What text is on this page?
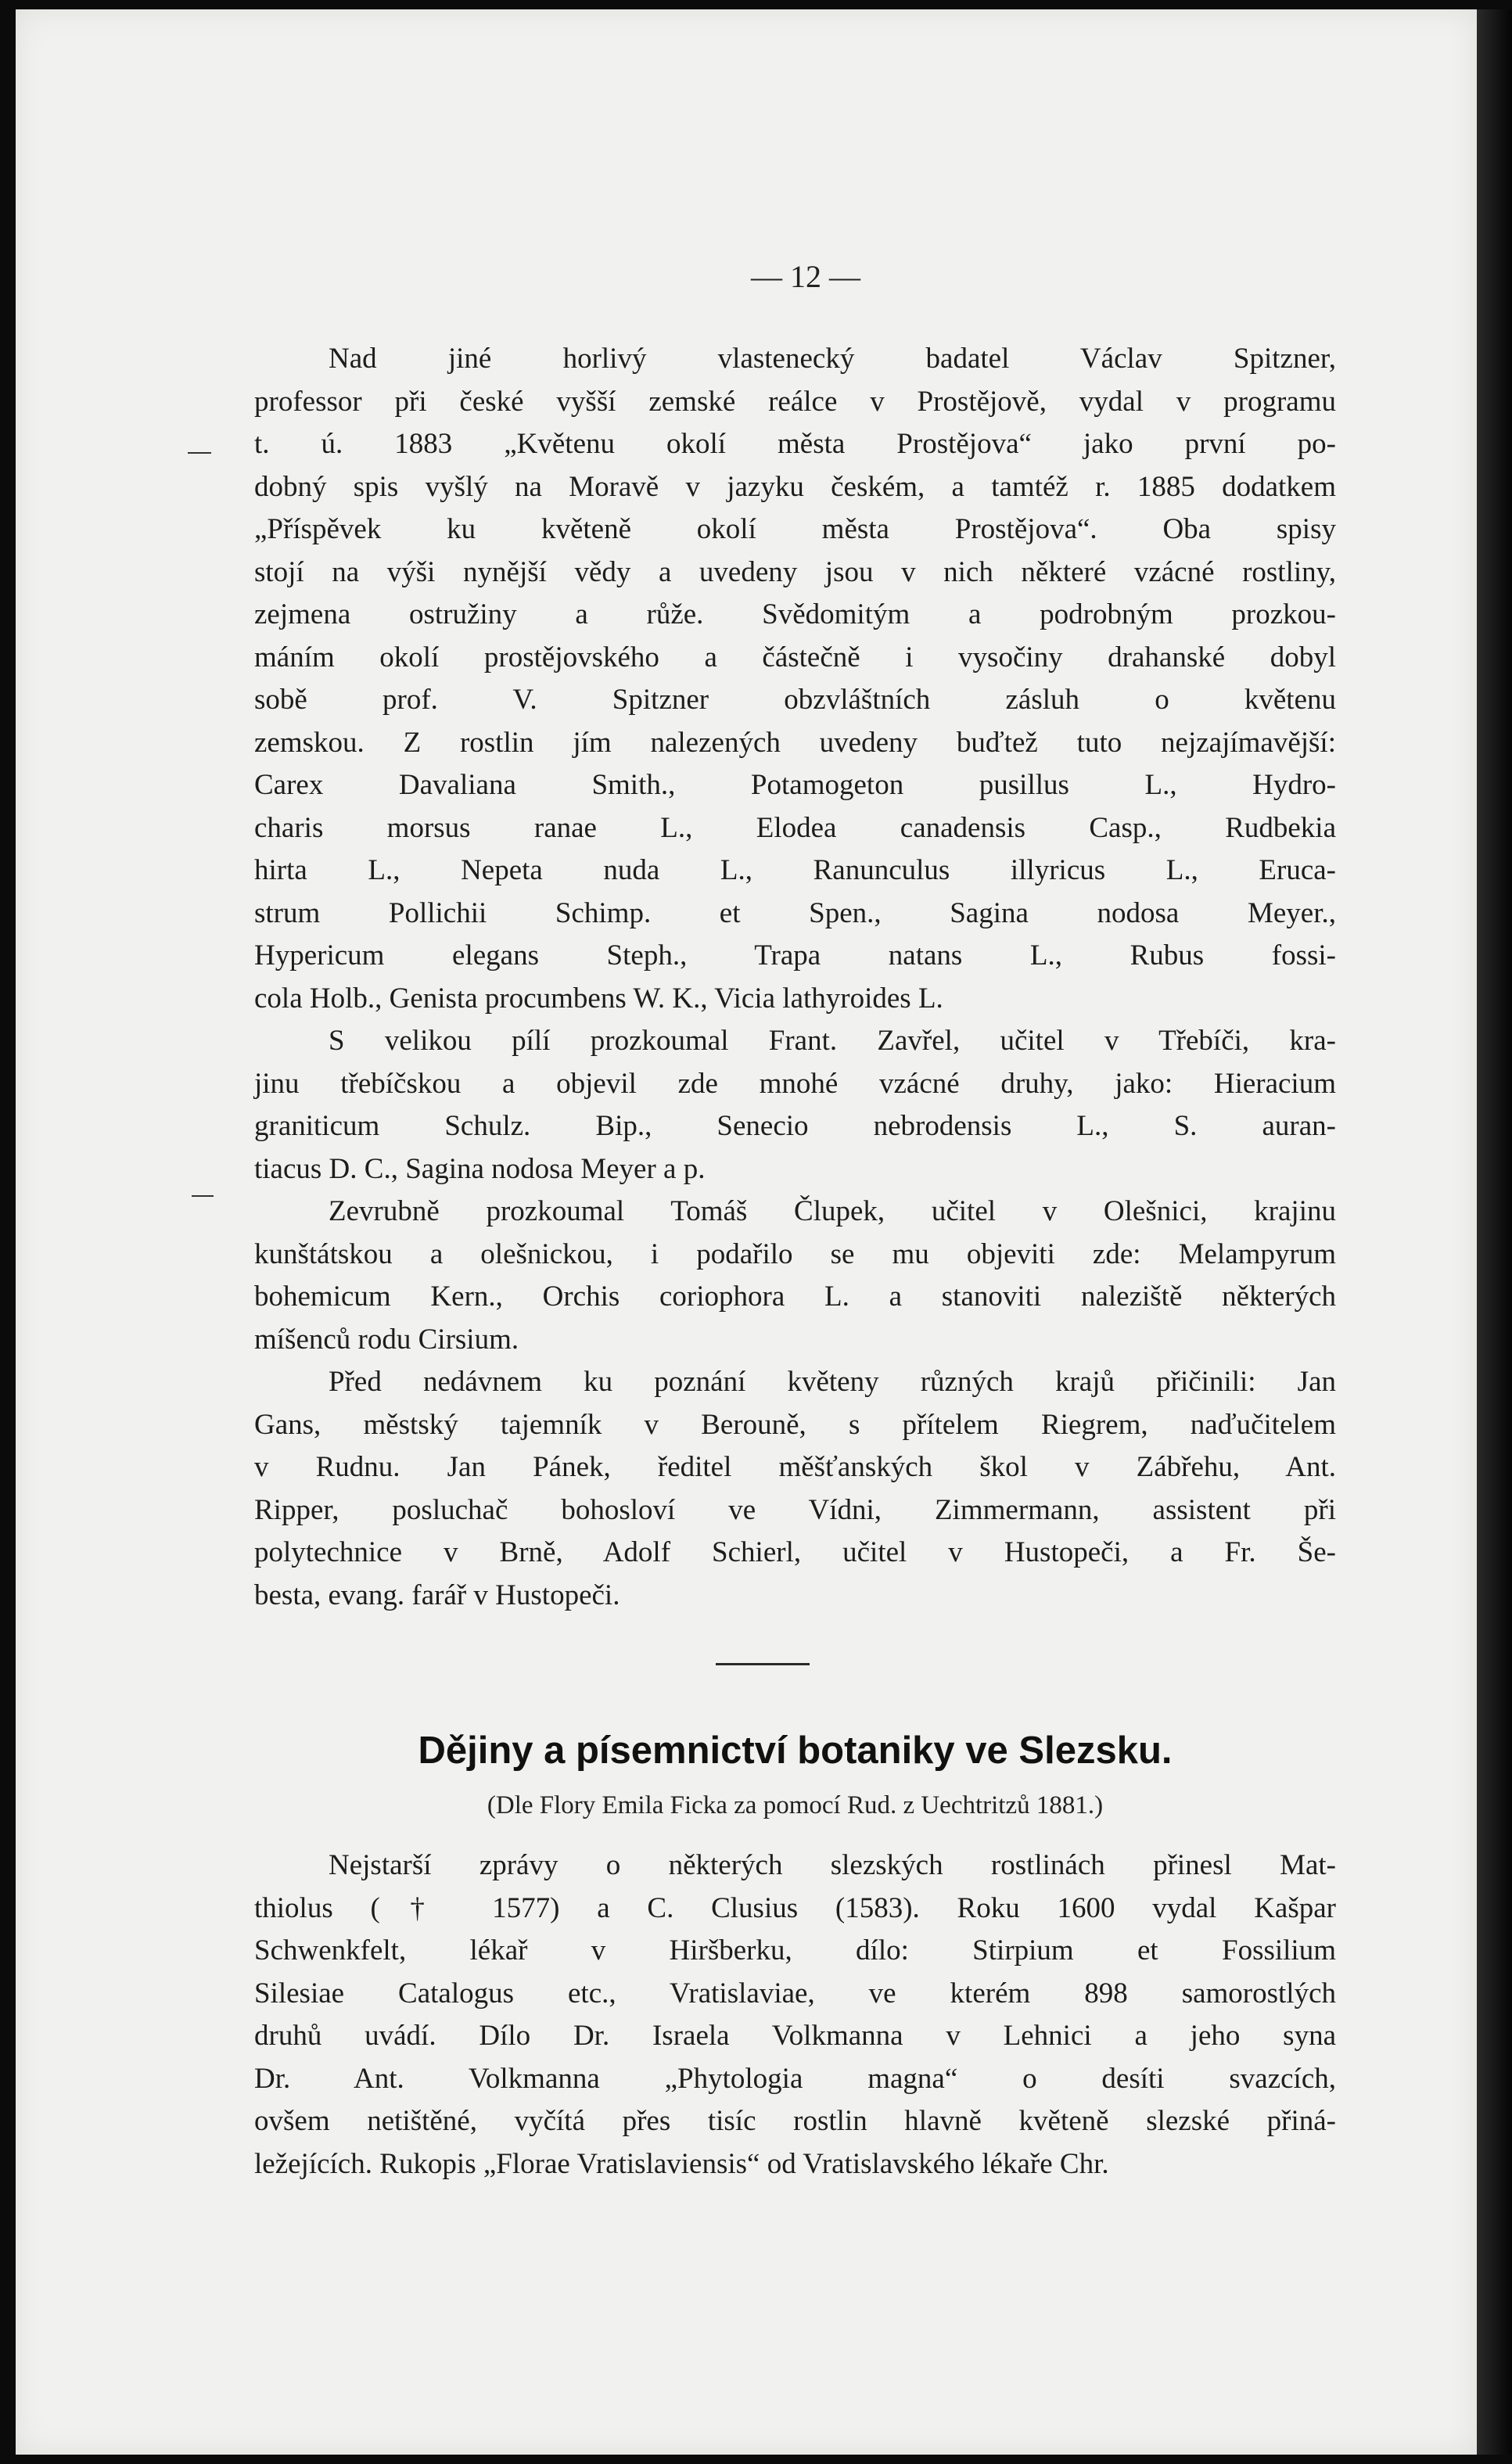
— 12 —

Nad jiné horlivý vlastenecký badatel Václav Spitzner,
professor při české vyšší zemské reálce v Prostějově, vydal v programu
t. ú. 1883 „Květenu okolí města Prostějova“ jako první po-
dobný spis vyšlý na Moravě v jazyku českém, a tamtéž r. 1885 dodatkem
„Příspěvek ku květeně okolí města Prostějova“. Oba spisy
stojí na výši nynější vědy a uvedeny jsou v nich některé vzácné rostliny,
zejmena ostružiny a růže. Svědomitým a podrobným prozkou-
máním okolí prostějovského a částečně i vysočiny drahanské dobyl
sobě prof. V. Spitzner obzvláštních zásluh o květenu
zemskou. Z rostlin jím nalezených uvedeny buďtež tuto nejzajímavější:
Carex Davaliana Smith., Potamogeton pusillus L., Hydro-
charis morsus ranae L., Elodea canadensis Casp., Rudbekia
hirta L., Nepeta nuda L., Ranunculus illyricus L., Eruca-
strum Pollichii Schimp. et Spen., Sagina nodosa Meyer.,
Hypericum elegans Steph., Trapa natans L., Rubus fossi-
cola Holb., Genista procumbens W. K., Vicia lathyroides L.

S velikou pílí prozkoumal Frant. Zavřel, učitel v Třebíči, kra-
jinu třebíčskou a objevil zde mnohé vzácné druhy, jako: Hieracium
graniticum Schulz. Bip., Senecio nebrodensis L., S. auran-
tiacus D. C., Sagina nodosa Meyer a p.

Zevrubně prozkoumal Tomáš Člupek, učitel v Olešnici, krajinu
kunštátskou a olešnickou, i podařilo se mu objeviti zde: Melampyrum
bohemicum Kern., Orchis coriophora L. a stanoviti naleziště některých
míšenců rodu Cirsium.

Před nedávnem ku poznání květeny různých krajů přičinili: Jan
Gans, městský tajemník v Berouně, s přítelem Riegrem, naďučitelem
v Rudnu. Jan Pánek, ředitel měšťanských škol v Zábřehu, Ant.
Ripper, posluchač bohosloví ve Vídni, Zimmermann, assistent při
polytechnice v Brně, Adolf Schierl, učitel v Hustopeči, a Fr. Še-
besta, evang. farář v Hustopeči.

Dějiny a písemnictví botaniky ve Slezsku.
(Dle Flory Emila Ficka za pomocí Rud. z Uechtritzů 1881.)

Nejstarší zprávy o některých slezských rostlinách přinesl Mat-
thiolus († 1577) a C. Clusius (1583). Roku 1600 vydal Kašpar
Schwenkfelt, lékař v Hiršberku, dílo: Stirpium et Fossilium
Silesiae Catalogus etc., Vratislaviae, ve kterém 898 samorostlých
druhů uvádí. Dílo Dr. Israela Volkmanna v Lehnici a jeho syna
Dr. Ant. Volkmanna „Phytologia magna“ o desíti svazcích,
ovšem netištěné, vyčítá přes tisíc rostlin hlavně květeně slezské přiná-
ležejících. Rukopis „Florae Vratislaviensis“ od Vratislavského lékaře Chr.
